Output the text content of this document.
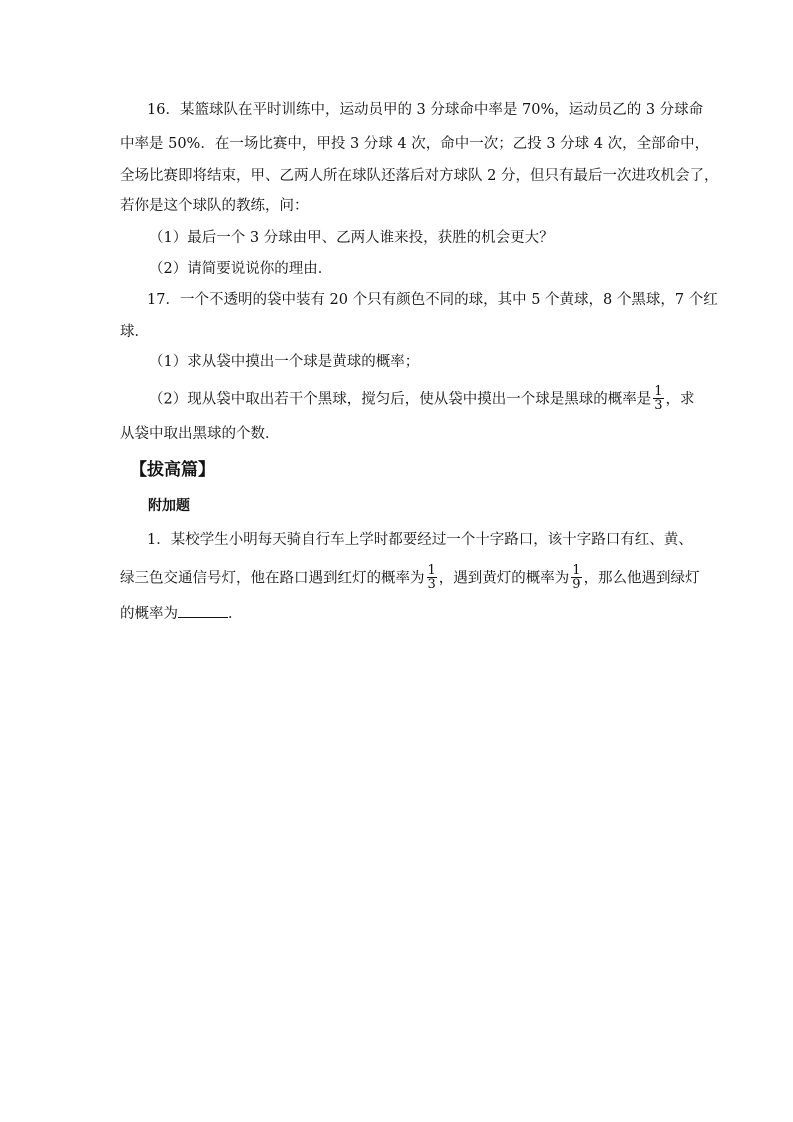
16．某篮球队在平时训练中，运动员甲的 3 分球命中率是 70%，运动员乙的 3 分球命
中率是 50%．在一场比赛中，甲投 3 分球 4 次，命中一次；乙投 3 分球 4 次，全部命中，
全场比赛即将结束，甲、乙两人所在球队还落后对方球队 2 分，但只有最后一次进攻机会了，
若你是这个球队的教练，问：
（1）最后一个 3 分球由甲、乙两人谁来投，获胜的机会更大？
（2）请简要说说你的理由．
17．一个不透明的袋中装有 20 个只有颜色不同的球，其中 5 个黄球，8 个黑球，7 个红
球．
（1）求从袋中摸出一个球是黄球的概率；
（2）现从袋中取出若干个黑球，搅匀后，使从袋中摸出一个球是黑球的概率是 $\frac{1}{3}$ ，求
从袋中取出黑球的个数．
【拔高篇】
附加题
1．某校学生小明每天骑自行车上学时都要经过一个十字路口，该十字路口有红、黄、
绿三色交通信号灯，他在路口遇到红灯的概率为 $\frac{1}{3}$ ，遇到黄灯的概率为 $\frac{1}{9}$ ，那么他遇到绿灯
的概率为	．
